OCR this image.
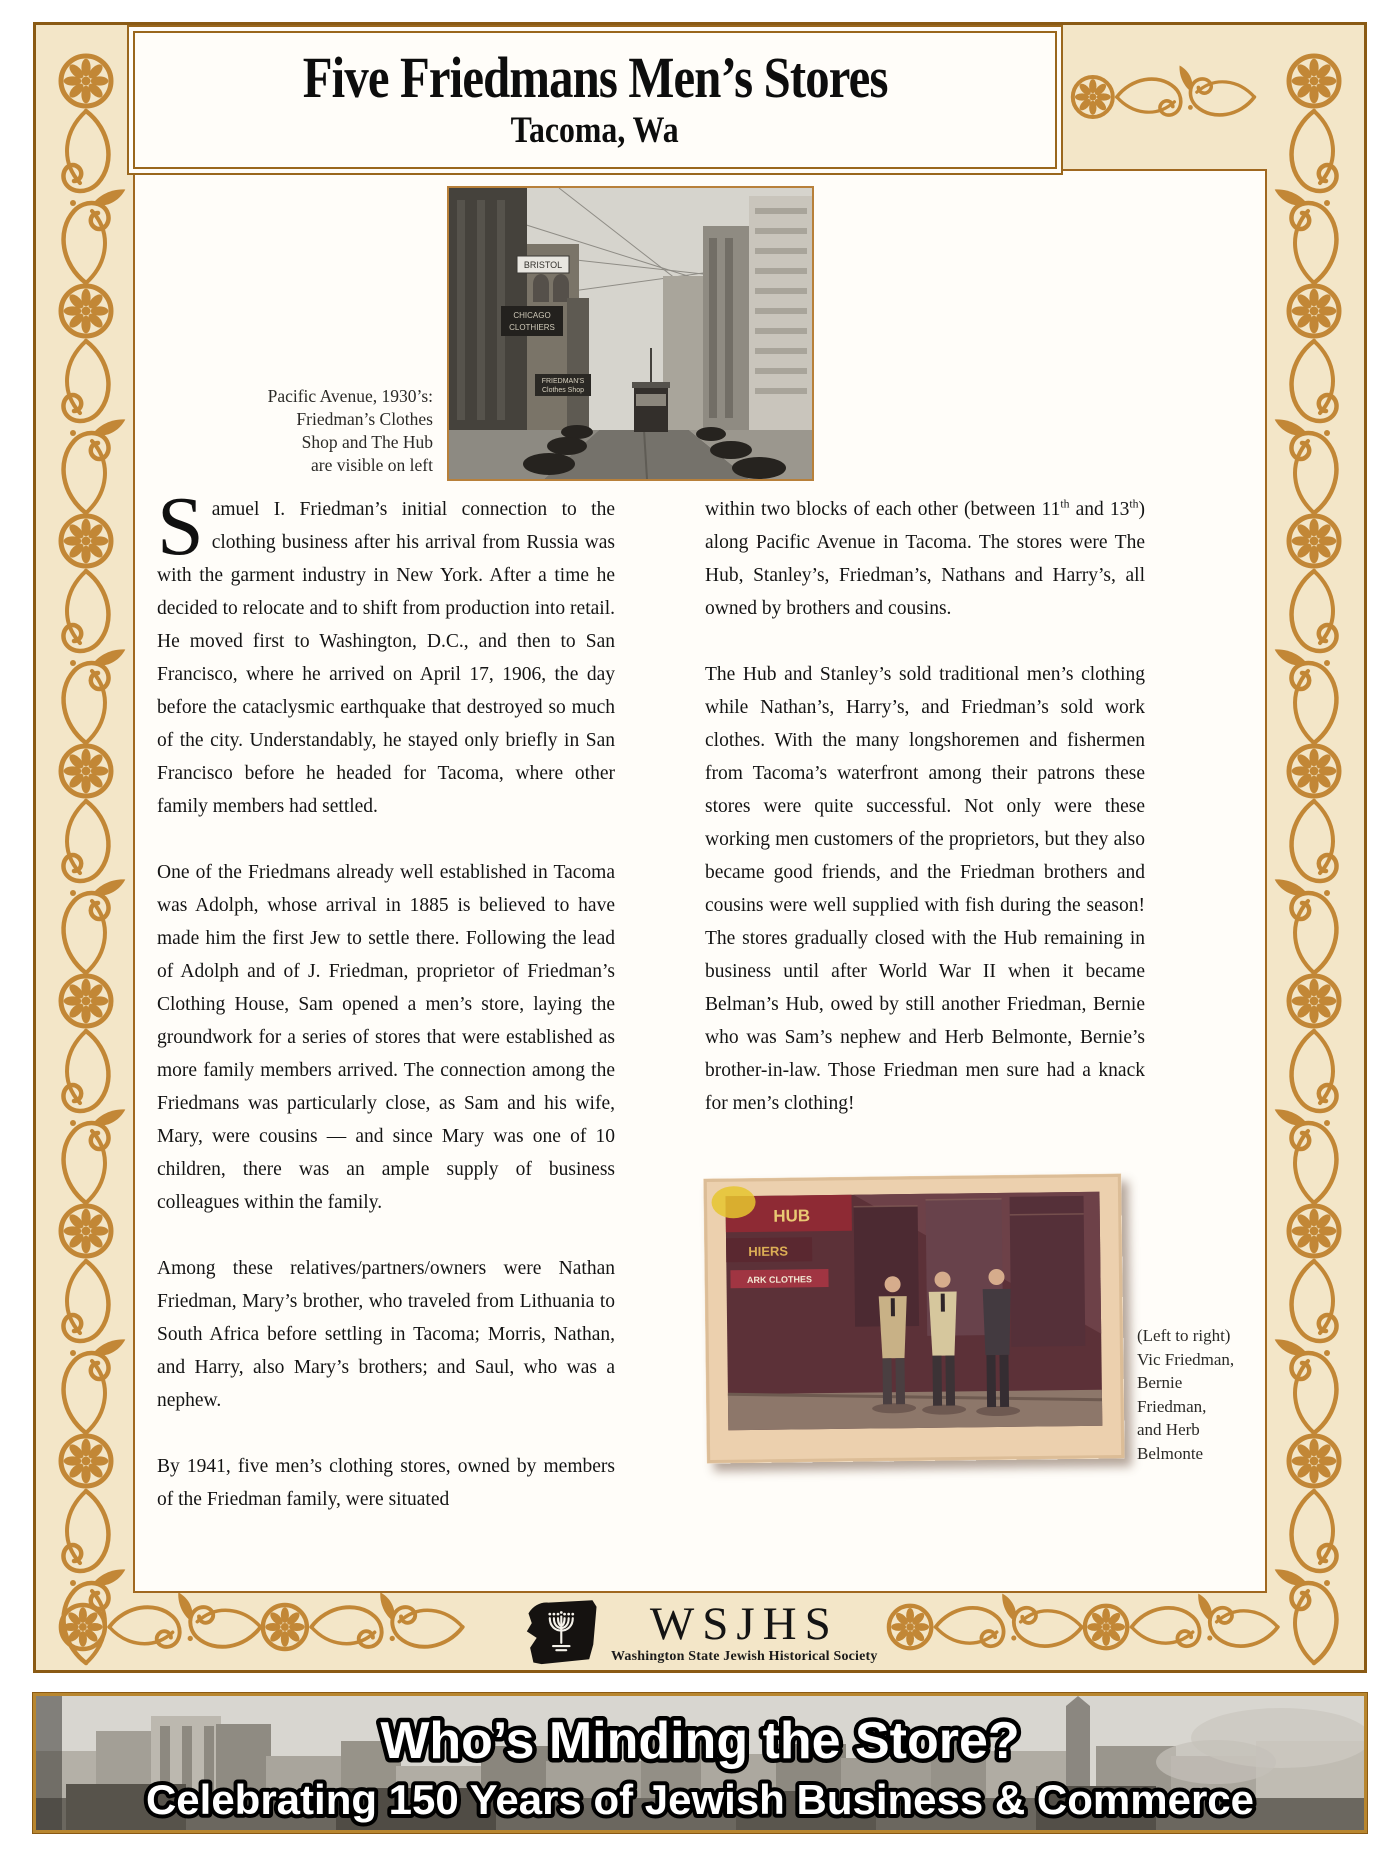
BRISTOL
CHICAGO
CLOTHIERS
FRIEDMAN'S
Clothes Shop
Pacific Avenue, 1930’s:
Friedman’s Clothes
Shop and The Hub
are visible on left

Samuel I. Friedman’s initial connection to the clothing business after his arrival from Russia was with the garment industry in New York. After a time he decided to relocate and to shift from production into retail. He moved first to Washington, D.C., and then to San Francisco, where he arrived on April 17, 1906, the day before the cataclysmic earthquake that destroyed so much of the city. Understandably, he stayed only briefly in San Francisco before he headed for Tacoma, where other family members had settled.

One of the Friedmans already well established in Tacoma was Adolph, whose arrival in 1885 is believed to have made him the first Jew to settle there. Following the lead of Adolph and of J. Friedman, proprietor of Friedman’s Clothing House, Sam opened a men’s store, laying the groundwork for a series of stores that were established as more family members arrived. The connection among the Friedmans was particularly close, as Sam and his wife, Mary, were cousins — and since Mary was one of 10 children, there was an ample supply of business colleagues within the family.

Among these relatives/partners/owners were Nathan Friedman, Mary’s brother, who traveled from Lithuania to South Africa before settling in Tacoma; Morris, Nathan, and Harry, also Mary’s brothers; and Saul, who was a nephew.

By 1941, five men’s clothing stores, owned by members of the Friedman family, were situated

within two blocks of each other (between 11th and 13th) along Pacific Avenue in Tacoma. The stores were The Hub, Stanley’s, Friedman’s, Nathans and Harry’s, all owned by brothers and cousins.

The Hub and Stanley’s sold traditional men’s clothing while Nathan’s, Harry’s, and Friedman’s sold work clothes. With the many longshoremen and fishermen from Tacoma’s waterfront among their patrons these stores were quite successful. Not only were these working men customers of the proprietors, but they also became good friends, and the Friedman brothers and cousins were well supplied with fish during the season! The stores gradually closed with the Hub remaining in business until after World War II when it became Belman’s Hub, owed by still another Friedman, Bernie who was Sam’s nephew and Herb Belmonte, Bernie’s brother-in-law. Those Friedman men sure had a knack for men’s clothing!

HUB
HIERS
ARK CLOTHES
(Left to right)
Vic Friedman,
Bernie
Friedman,
and Herb
Belmonte
Five Friedmans Men’s Stores
Tacoma, Wa
WSJHS
Washington State Jewish Historical Society
Who’s Minding the Store?
Celebrating 150 Years of Jewish Business & Commerce
